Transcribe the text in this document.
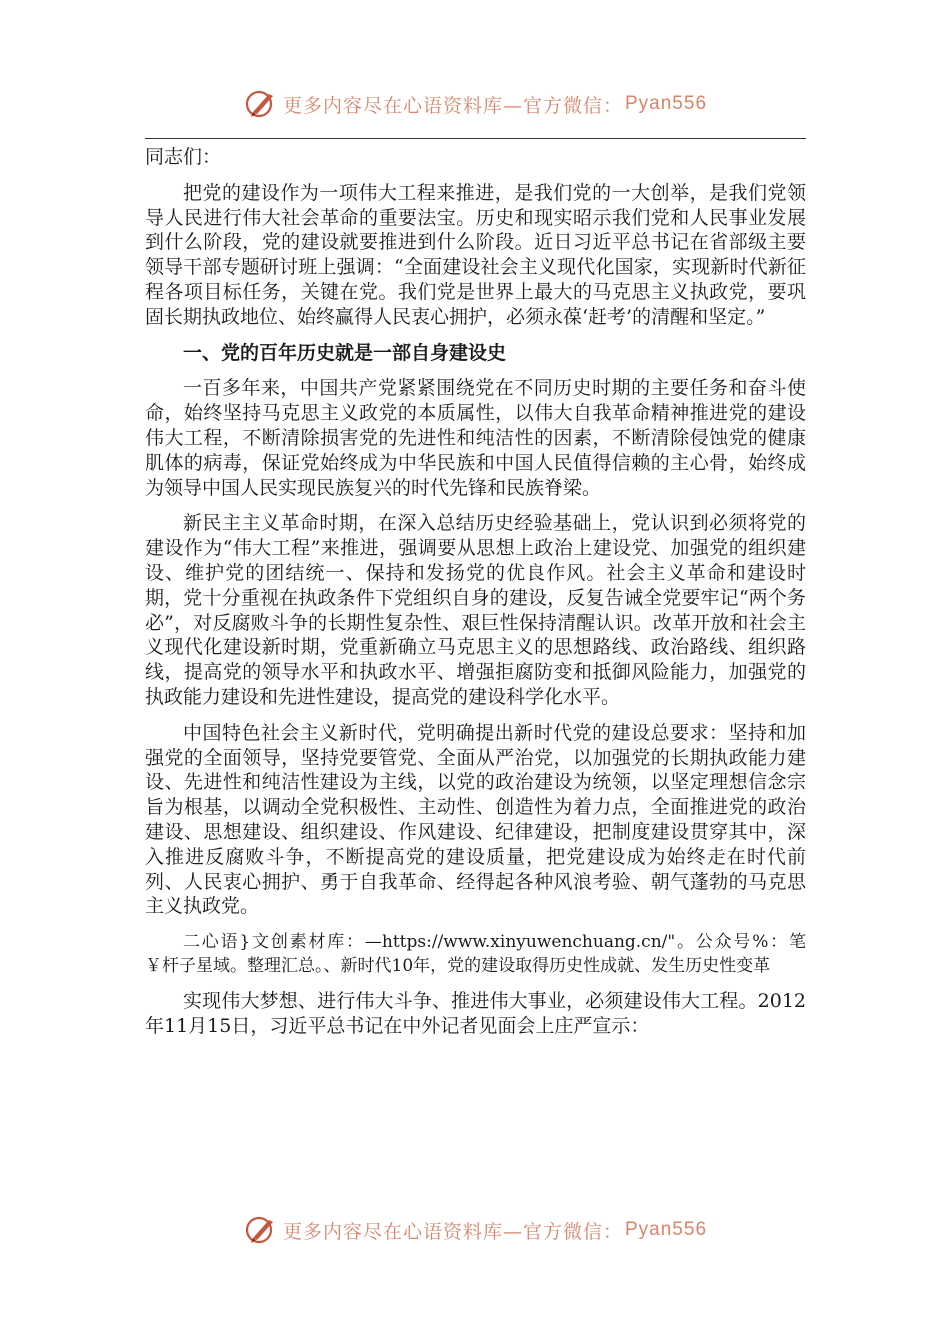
更多内容尽在心语资料库—官方微信： Pyan556

同志们：

把党的建设作为一项伟大工程来推进，是我们党的一大创举，是我们党领导人民进行伟大社会革命的重要法宝。历史和现实昭示我们党和人民事业发展到什么阶段，党的建设就要推进到什么阶段。近日习近平总书记在省部级主要领导干部专题研讨班上强调：“全面建设社会主义现代化国家，实现新时代新征程各项目标任务，关键在党。我们党是世界上最大的马克思主义执政党，要巩固长期执政地位、始终赢得人民衷心拥护，必须永葆‘赶考’的清醒和坚定。”

一、党的百年历史就是一部自身建设史

一百多年来，中国共产党紧紧围绕党在不同历史时期的主要任务和奋斗使命，始终坚持马克思主义政党的本质属性，以伟大自我革命精神推进党的建设伟大工程，不断清除损害党的先进性和纯洁性的因素，不断清除侵蚀党的健康肌体的病毒，保证党始终成为中华民族和中国人民值得信赖的主心骨，始终成为领导中国人民实现民族复兴的时代先锋和民族脊梁。

新民主主义革命时期，在深入总结历史经验基础上，党认识到必须将党的建设作为“伟大工程”来推进，强调要从思想上政治上建设党、加强党的组织建设、维护党的团结统一、保持和发扬党的优良作风。社会主义革命和建设时期，党十分重视在执政条件下党组织自身的建设，反复告诫全党要牢记“两个务必”，对反腐败斗争的长期性复杂性、艰巨性保持清醒认识。改革开放和社会主义现代化建设新时期，党重新确立马克思主义的思想路线、政治路线、组织路线，提高党的领导水平和执政水平、增强拒腐防变和抵御风险能力，加强党的执政能力建设和先进性建设，提高党的建设科学化水平。

中国特色社会主义新时代，党明确提出新时代党的建设总要求：坚持和加强党的全面领导，坚持党要管党、全面从严治党，以加强党的长期执政能力建设、先进性和纯洁性建设为主线，以党的政治建设为统领，以坚定理想信念宗旨为根基，以调动全党积极性、主动性、创造性为着力点，全面推进党的政治建设、思想建设、组织建设、作风建设、纪律建设，把制度建设贯穿其中，深入推进反腐败斗争，不断提高党的建设质量，把党建设成为始终走在时代前列、人民衷心拥护、勇于自我革命、经得起各种风浪考验、朝气蓬勃的马克思主义执政党。

二心语}文创素材库：—https://www.xinyuwenchuang.cn/"。公众号%：笔￥杆子星域。整理汇总。、新时代10年，党的建设取得历史性成就、发生历史性变革

实现伟大梦想、进行伟大斗争、推进伟大事业，必须建设伟大工程。2012年11月15日，习近平总书记在中外记者见面会上庄严宣示：

更多内容尽在心语资料库—官方微信： Pyan556
